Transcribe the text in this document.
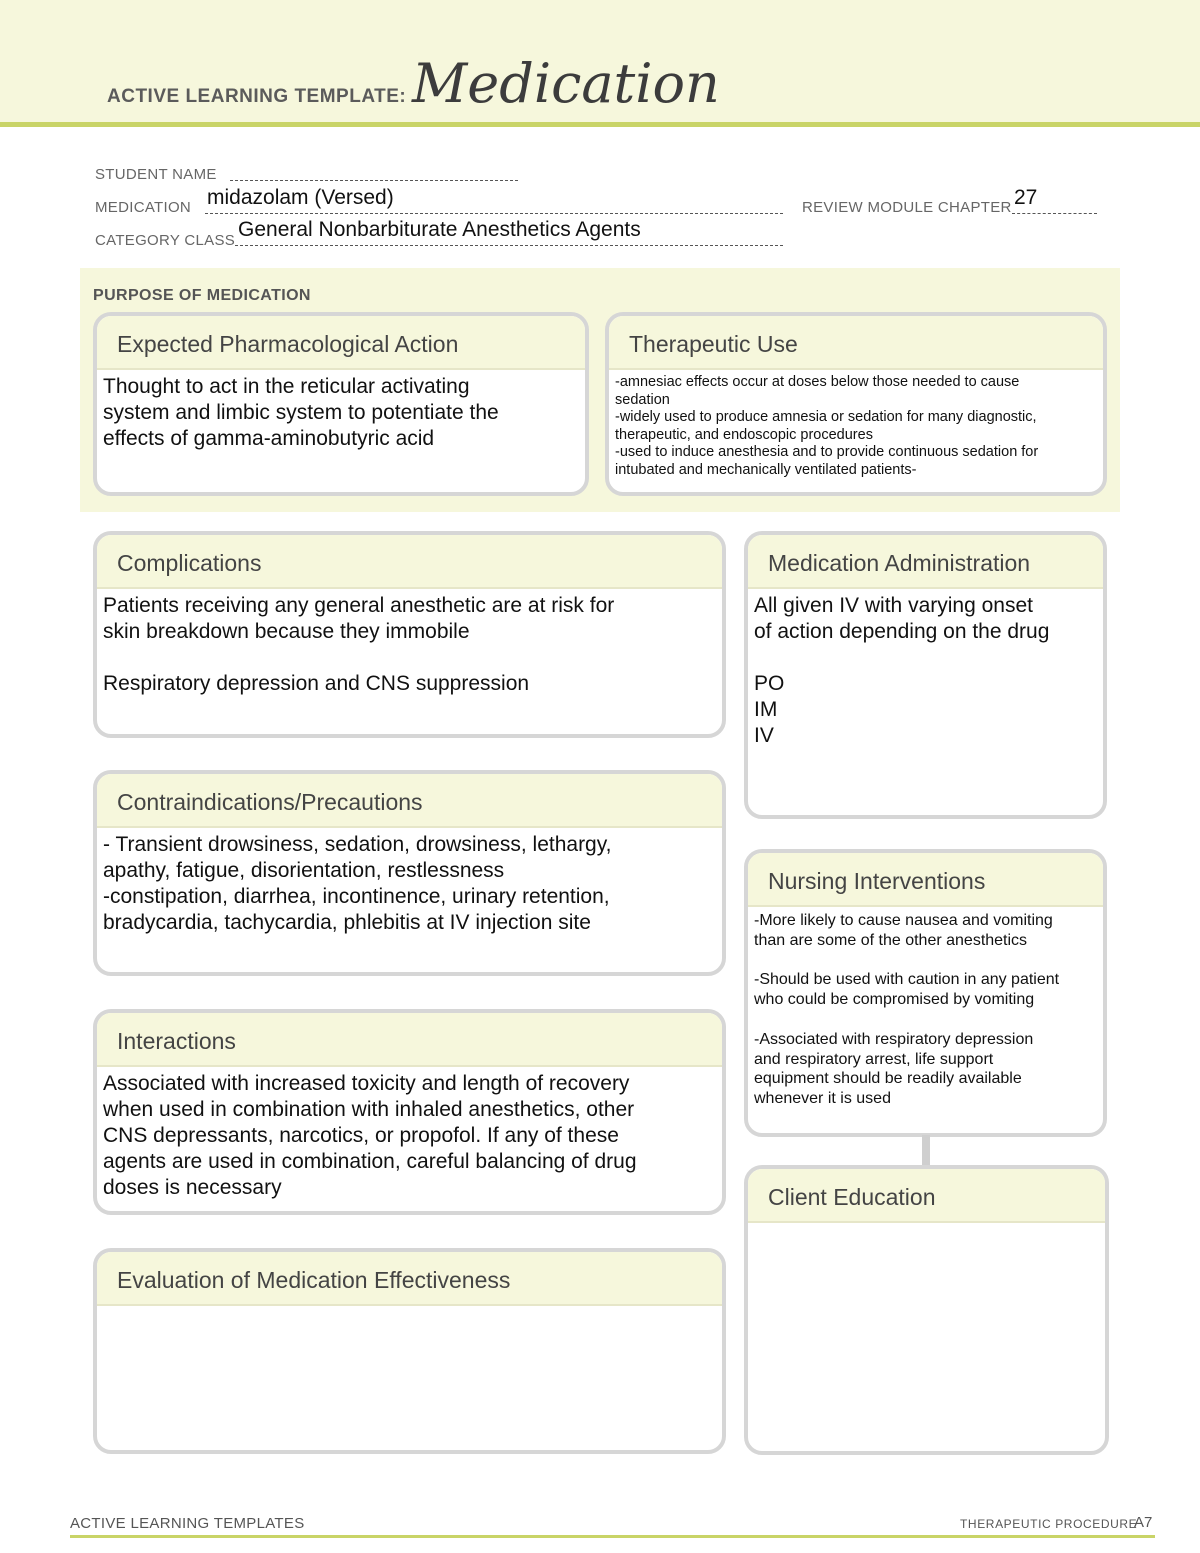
ACTIVE LEARNING TEMPLATE: Medication
STUDENT NAME
MEDICATION midazolam (Versed)	REVIEW MODULE CHAPTER 27
CATEGORY CLASS General Nonbarbiturate Anesthetics Agents
PURPOSE OF MEDICATION
Expected Pharmacological Action
Thought to act in the reticular activating
system and limbic system to potentiate the
effects of gamma-aminobutyric acid
Therapeutic Use
-amnesiac effects occur at doses below those needed to cause
sedation
-widely used to produce amnesia or sedation for many diagnostic,
therapeutic, and endoscopic procedures
-used to induce anesthesia and to provide continuous sedation for
intubated and mechanically ventilated patients-
Complications
Patients receiving any general anesthetic are at risk for
skin breakdown because they immobile

Respiratory depression and CNS suppression
Contraindications/Precautions
- Transient drowsiness, sedation, drowsiness, lethargy,
apathy, fatigue, disorientation, restlessness
-constipation, diarrhea, incontinence, urinary retention,
bradycardia, tachycardia, phlebitis at IV injection site
Interactions
Associated with increased toxicity and length of recovery
when used in combination with inhaled anesthetics, other
CNS depressants, narcotics, or propofol. If any of these
agents are used in combination, careful balancing of drug
doses is necessary
Evaluation of Medication Effectiveness
Medication Administration
All given IV with varying onset
of action depending on the drug

PO
IM
IV
Nursing Interventions
-More likely to cause nausea and vomiting
than are some of the other anesthetics

-Should be used with caution in any patient
who could be compromised by vomiting

-Associated with respiratory depression
and respiratory arrest, life support
equipment should be readily available
whenever it is used
Client Education
ACTIVE LEARNING TEMPLATES	THERAPEUTIC PROCEDURE
A7
